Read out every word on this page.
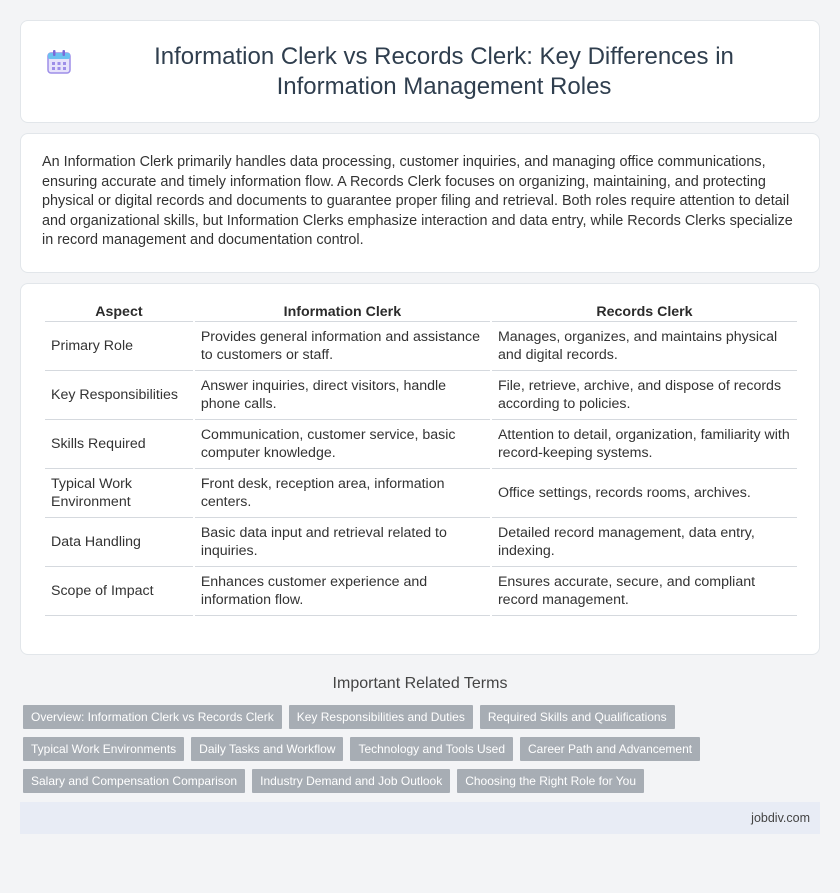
Information Clerk vs Records Clerk: Key Differences in Information Management Roles

An Information Clerk primarily handles data processing, customer inquiries, and managing office communications, ensuring accurate and timely information flow. A Records Clerk focuses on organizing, maintaining, and protecting physical or digital records and documents to guarantee proper filing and retrieval. Both roles require attention to detail and organizational skills, but Information Clerks emphasize interaction and data entry, while Records Clerks specialize in record management and documentation control.

Aspect	Information Clerk	Records Clerk
Primary Role	Provides general information and assistance to customers or staff.	Manages, organizes, and maintains physical and digital records.
Key Responsibilities	Answer inquiries, direct visitors, handle phone calls.	File, retrieve, archive, and dispose of records according to policies.
Skills Required	Communication, customer service, basic computer knowledge.	Attention to detail, organization, familiarity with record-keeping systems.
Typical Work Environment	Front desk, reception area, information centers.	Office settings, records rooms, archives.
Data Handling	Basic data input and retrieval related to inquiries.	Detailed record management, data entry, indexing.
Scope of Impact	Enhances customer experience and information flow.	Ensures accurate, secure, and compliant record management.
Important Related Terms
Overview: Information Clerk vs Records Clerk	Key Responsibilities and Duties	Required Skills and Qualifications
Typical Work Environments	Daily Tasks and Workflow	Technology and Tools Used	Career Path and Advancement
Salary and Compensation Comparison	Industry Demand and Job Outlook	Choosing the Right Role for You
jobdiv.com
